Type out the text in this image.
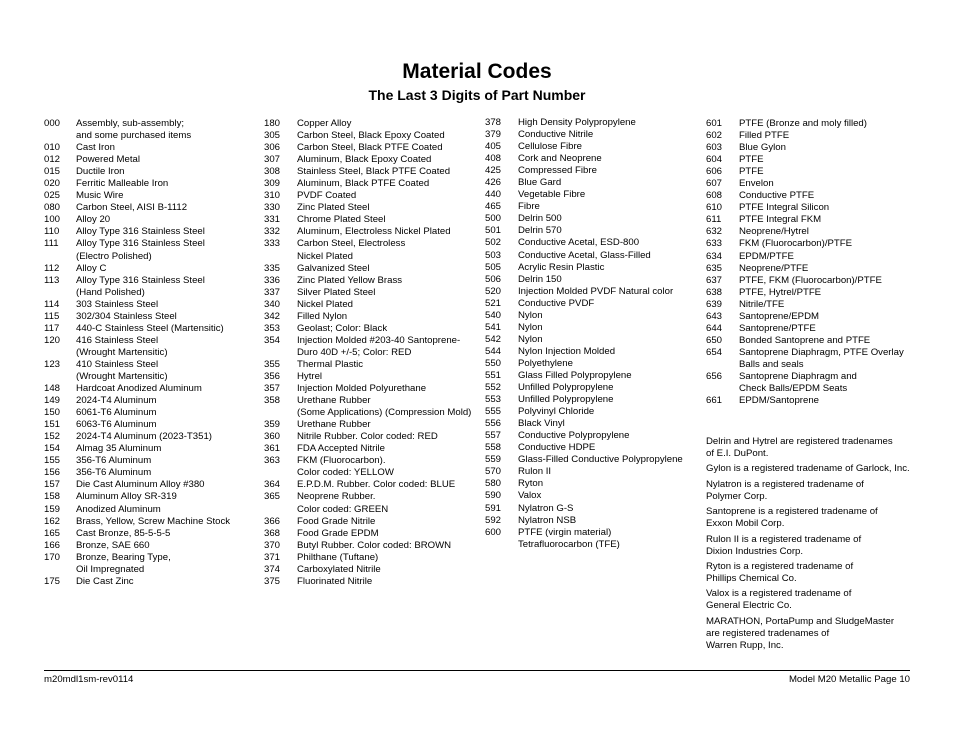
Material Codes
The Last 3 Digits of Part Number
000	Assembly, sub-assembly;
and some purchased items
010	Cast Iron
012	Powered Metal
015	Ductile Iron
020	Ferritic Malleable Iron
025	Music Wire
080	Carbon Steel, AISI B-1112
100	Alloy 20
110	Alloy Type 316 Stainless Steel
111	Alloy Type 316 Stainless Steel
(Electro Polished)
112	Alloy C
113	Alloy Type 316 Stainless Steel
(Hand Polished)
114	303 Stainless Steel
115	302/304 Stainless Steel
117	440-C Stainless Steel (Martensitic)
120	416 Stainless Steel
(Wrought Martensitic)
123	410 Stainless Steel
(Wrought Martensitic)
148	Hardcoat Anodized Aluminum
149	2024-T4 Aluminum
150	6061-T6 Aluminum
151	6063-T6 Aluminum
152	2024-T4 Aluminum (2023-T351)
154	Almag 35 Aluminum
155	356-T6 Aluminum
156	356-T6 Aluminum
157	Die Cast Aluminum Alloy #380
158	Aluminum Alloy SR-319
159	Anodized Aluminum
162	Brass, Yellow, Screw Machine Stock
165	Cast Bronze, 85-5-5-5
166	Bronze, SAE 660
170	Bronze, Bearing Type,
Oil Impregnated
175	Die Cast Zinc
180	Copper Alloy
305	Carbon Steel, Black Epoxy Coated
306	Carbon Steel, Black PTFE Coated
307	Aluminum, Black Epoxy Coated
308	Stainless Steel, Black PTFE Coated
309	Aluminum, Black PTFE Coated
310	PVDF Coated
330	Zinc Plated Steel
331	Chrome Plated Steel
332	Aluminum, Electroless Nickel Plated
333	Carbon Steel, Electroless
Nickel Plated
335	Galvanized Steel
336	Zinc Plated Yellow Brass
337	Silver Plated Steel
340	Nickel Plated
342	Filled Nylon
353	Geolast; Color: Black
354	Injection Molded #203-40 Santoprene-
Duro 40D +/-5; Color: RED
355	Thermal Plastic
356	Hytrel
357	Injection Molded Polyurethane
358	Urethane Rubber
(Some Applications) (Compression Mold)
359	Urethane Rubber
360	Nitrile Rubber. Color coded: RED
361	FDA Accepted Nitrile
363	FKM (Fluorocarbon).
Color coded: YELLOW
364	E.P.D.M. Rubber. Color coded: BLUE
365	Neoprene Rubber.
Color coded: GREEN
366	Food Grade Nitrile
368	Food Grade EPDM
370	Butyl Rubber. Color coded: BROWN
371	Philthane (Tuftane)
374	Carboxylated Nitrile
375	Fluorinated Nitrile
378	High Density Polypropylene
379	Conductive Nitrile
405	Cellulose Fibre
408	Cork and Neoprene
425	Compressed Fibre
426	Blue Gard
440	Vegetable Fibre
465	Fibre
500	Delrin 500
501	Delrin 570
502	Conductive Acetal, ESD-800
503	Conductive Acetal, Glass-Filled
505	Acrylic Resin Plastic
506	Delrin 150
520	Injection Molded PVDF Natural color
521	Conductive PVDF
540	Nylon
541	Nylon
542	Nylon
544	Nylon Injection Molded
550	Polyethylene
551	Glass Filled Polypropylene
552	Unfilled Polypropylene
553	Unfilled Polypropylene
555	Polyvinyl Chloride
556	Black Vinyl
557	Conductive Polypropylene
558	Conductive HDPE
559	Glass-Filled Conductive Polypropylene
570	Rulon II
580	Ryton
590	Valox
591	Nylatron G-S
592	Nylatron NSB
600	PTFE (virgin material)
Tetrafluorocarbon (TFE)
601	PTFE (Bronze and moly filled)
602	Filled PTFE
603	Blue Gylon
604	PTFE
606	PTFE
607	Envelon
608	Conductive PTFE
610	PTFE Integral Silicon
611	PTFE Integral FKM
632	Neoprene/Hytrel
633	FKM (Fluorocarbon)/PTFE
634	EPDM/PTFE
635	Neoprene/PTFE
637	PTFE, FKM (Fluorocarbon)/PTFE
638	PTFE, Hytrel/PTFE
639	Nitrile/TFE
643	Santoprene/EPDM
644	Santoprene/PTFE
650	Bonded Santoprene and PTFE
654	Santoprene Diaphragm, PTFE Overlay
Balls and seals
656	Santoprene Diaphragm and
Check Balls/EPDM Seats
661	EPDM/Santoprene
Delrin and Hytrel are registered tradenames
of E.I. DuPont.
Gylon is a registered tradename of Garlock, Inc.
Nylatron is a registered tradename of
Polymer Corp.
Santoprene is a registered tradename of
Exxon Mobil Corp.
Rulon II is a registered tradename of
Dixion Industries Corp.
Ryton is a registered tradename of
Phillips Chemical Co.
Valox is a registered tradename of
General Electric Co.
MARATHON, PortaPump and SludgeMaster
are registered tradenames of
Warren Rupp, Inc.
m20mdl1sm-rev0114	Model M20 Metallic Page 10
